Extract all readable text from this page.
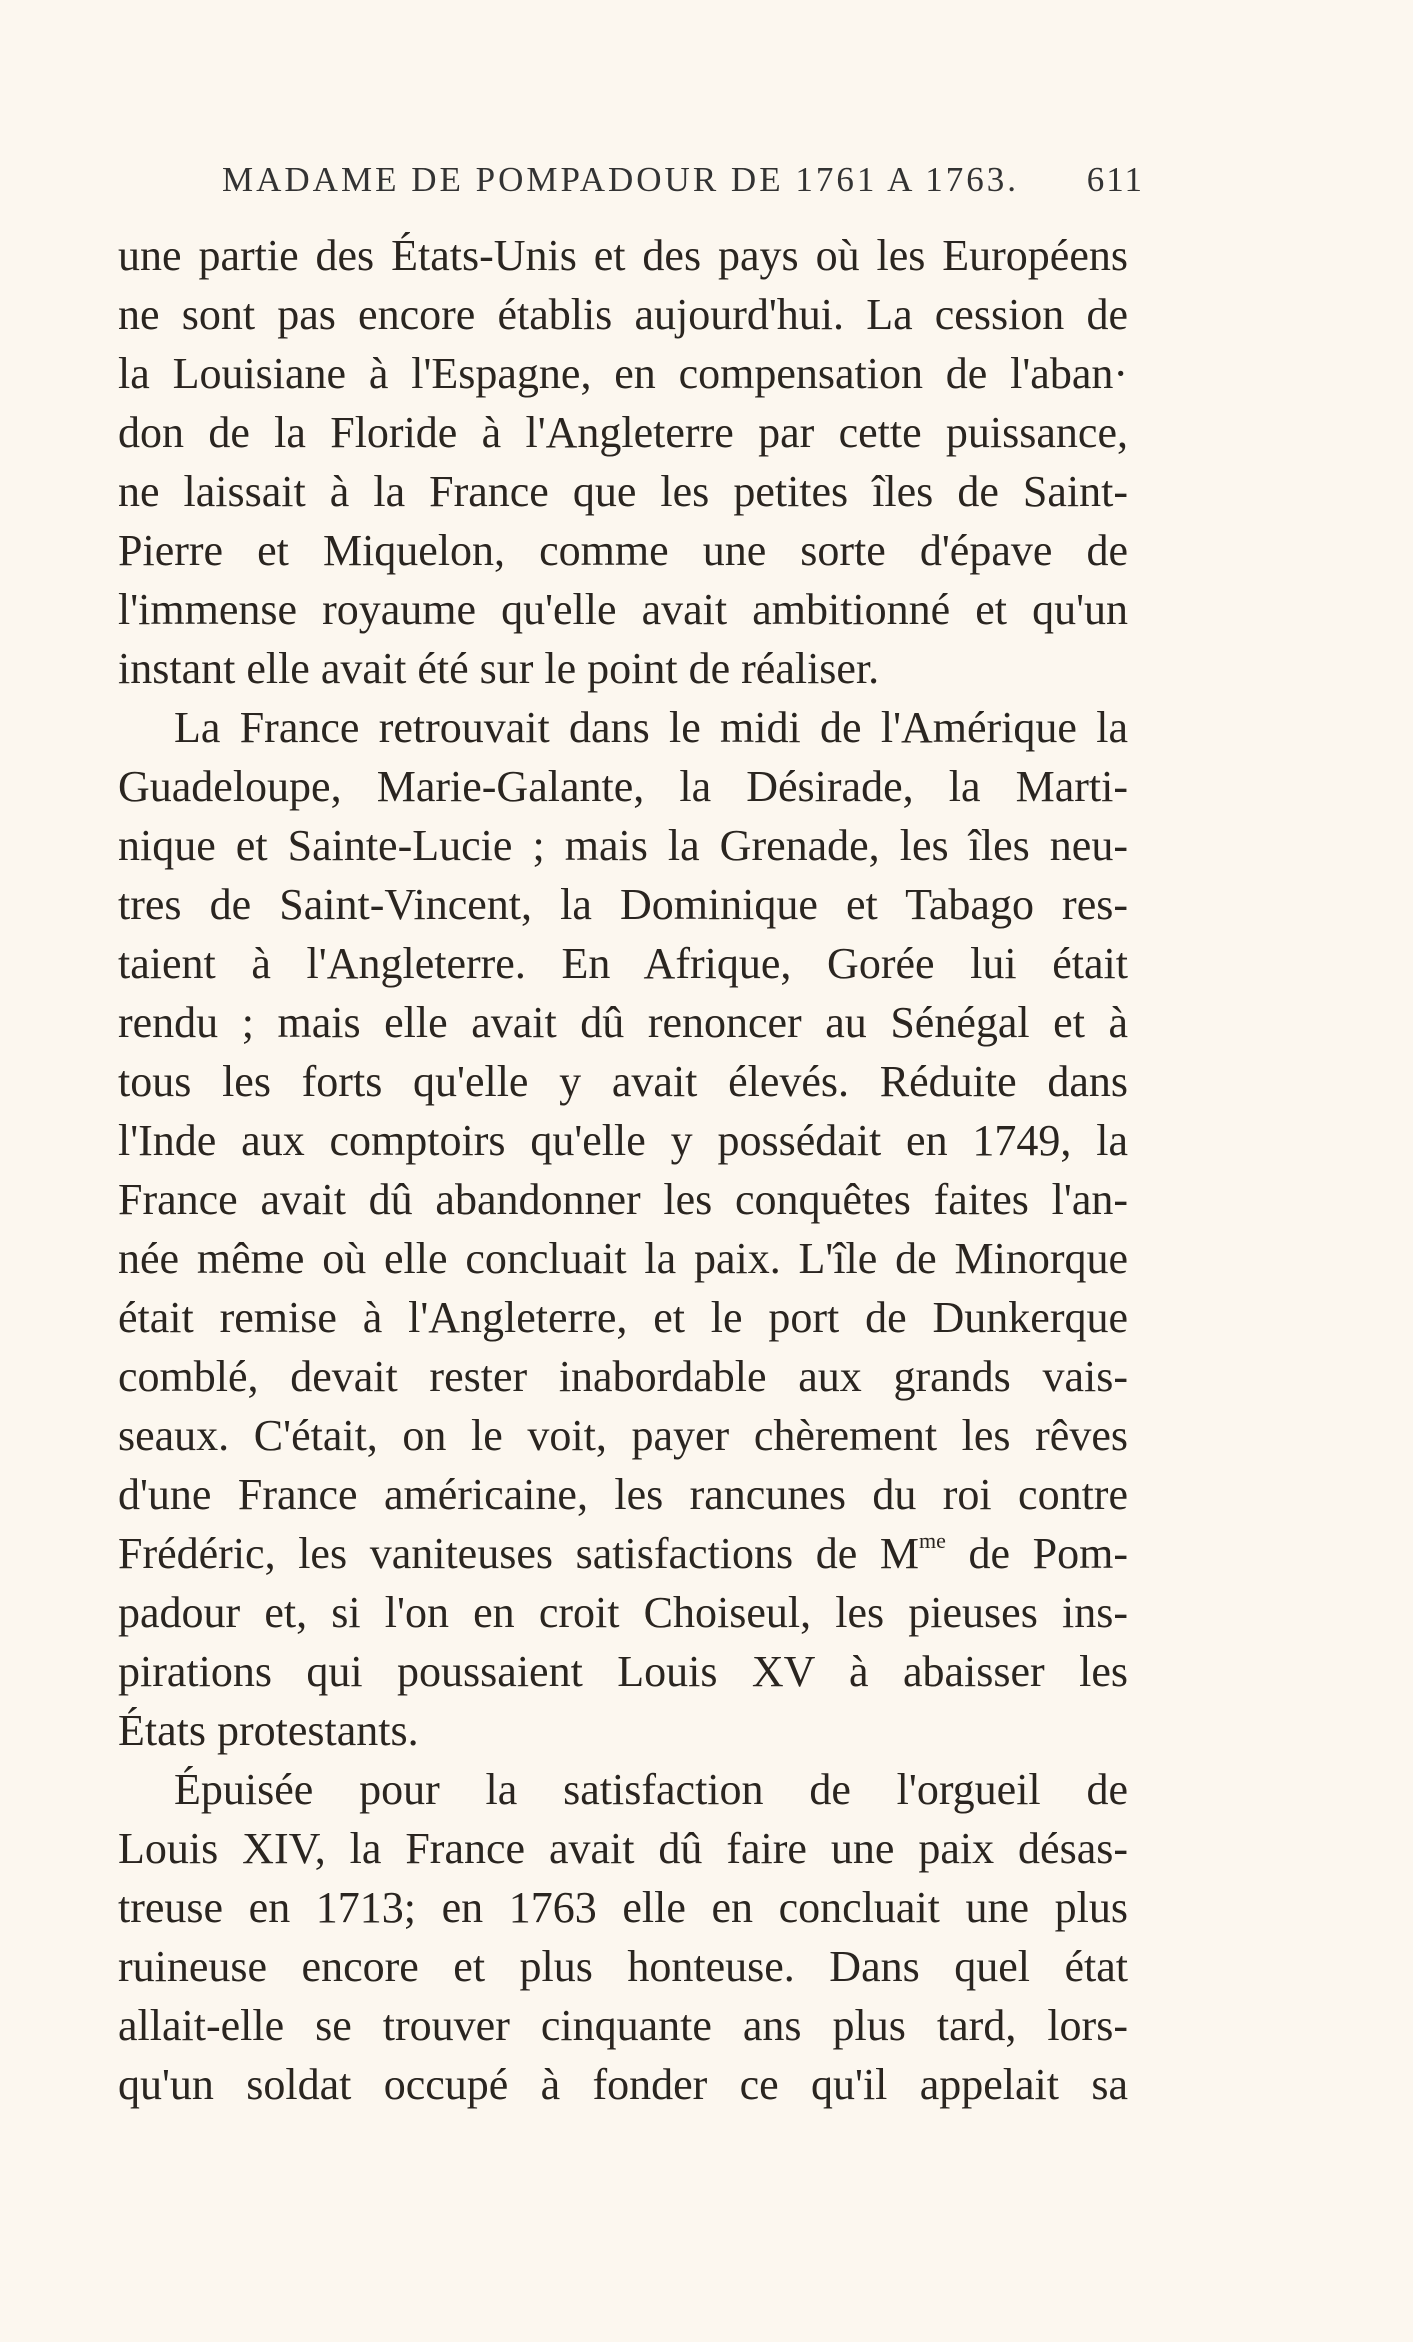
MADAME DE POMPADOUR DE 1761 A 1763. 611
une partie des États-Unis et des pays où les Européens
ne sont pas encore établis aujourd'hui. La cession de
la Louisiane à l'Espagne, en compensation de l'aban·
don de la Floride à l'Angleterre par cette puissance,
ne laissait à la France que les petites îles de Saint-
Pierre et Miquelon, comme une sorte d'épave de
l'immense royaume qu'elle avait ambitionné et qu'un
instant elle avait été sur le point de réaliser.
La France retrouvait dans le midi de l'Amérique la
Guadeloupe, Marie-Galante, la Désirade, la Marti-
nique et Sainte-Lucie ; mais la Grenade, les îles neu-
tres de Saint-Vincent, la Dominique et Tabago res-
taient à l'Angleterre. En Afrique, Gorée lui était
rendu ; mais elle avait dû renoncer au Sénégal et à
tous les forts qu'elle y avait élevés. Réduite dans
l'Inde aux comptoirs qu'elle y possédait en 1749, la
France avait dû abandonner les conquêtes faites l'an-
née même où elle concluait la paix. L'île de Minorque
était remise à l'Angleterre, et le port de Dunkerque
comblé, devait rester inabordable aux grands vais-
seaux. C'était, on le voit, payer chèrement les rêves
d'une France américaine, les rancunes du roi contre
Frédéric, les vaniteuses satisfactions de $M^{me}$ de Pom-
padour et, si l'on en croit Choiseul, les pieuses ins-
pirations qui poussaient Louis XV à abaisser les
États protestants.
Épuisée pour la satisfaction de l'orgueil de
Louis XIV, la France avait dû faire une paix désas-
treuse en 1713; en 1763 elle en concluait une plus
ruineuse encore et plus honteuse. Dans quel état
allait-elle se trouver cinquante ans plus tard, lors-
qu'un soldat occupé à fonder ce qu'il appelait sa
